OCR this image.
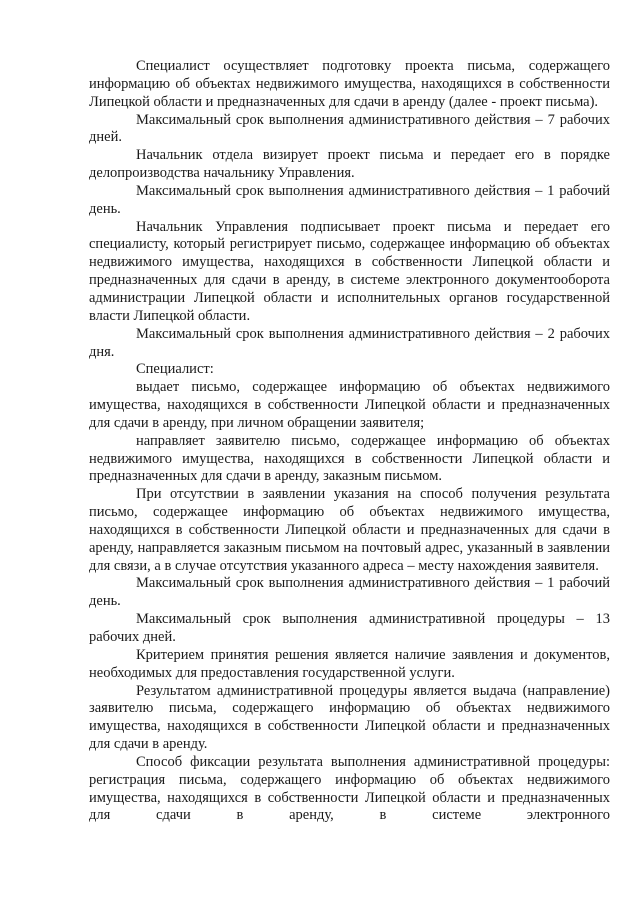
Специалист осуществляет подготовку проекта письма, содержащего информацию об объектах недвижимого имущества, находящихся в собственности Липецкой области и предназначенных для сдачи в аренду (далее - проект письма).

Максимальный срок выполнения административного действия – 7 рабочих дней.

Начальник отдела визирует проект письма и передает его в порядке делопроизводства начальнику Управления.

Максимальный срок выполнения административного действия – 1 рабочий день.

Начальник Управления подписывает проект письма и передает его специалисту, который регистрирует письмо, содержащее информацию об объектах недвижимого имущества, находящихся в собственности Липецкой области и предназначенных для сдачи в аренду, в системе электронного документооборота администрации Липецкой области и исполнительных органов государственной власти Липецкой области.

Максимальный срок выполнения административного действия – 2 рабочих дня.

Специалист:

выдает письмо, содержащее информацию об объектах недвижимого имущества, находящихся в собственности Липецкой области и предназначенных для сдачи в аренду, при личном обращении заявителя;

направляет заявителю письмо, содержащее информацию об объектах недвижимого имущества, находящихся в собственности Липецкой области и предназначенных для сдачи в аренду, заказным письмом.

При отсутствии в заявлении указания на способ получения результата письмо, содержащее информацию об объектах недвижимого имущества, находящихся в собственности Липецкой области и предназначенных для сдачи в аренду, направляется заказным письмом на почтовый адрес, указанный в заявлении для связи, а в случае отсутствия указанного адреса – месту нахождения заявителя.

Максимальный срок выполнения административного действия – 1 рабочий день.

Максимальный срок выполнения административной процедуры – 13 рабочих дней.

Критерием принятия решения является наличие заявления и документов, необходимых для предоставления государственной услуги.

Результатом административной процедуры является выдача (направление) заявителю письма, содержащего информацию об объектах недвижимого имущества, находящихся в собственности Липецкой области и предназначенных для сдачи в аренду.

Способ фиксации результата выполнения административной процедуры: регистрация письма, содержащего информацию об объектах недвижимого имущества, находящихся в собственности Липецкой области и предназначенных для сдачи в аренду, в системе электронного
